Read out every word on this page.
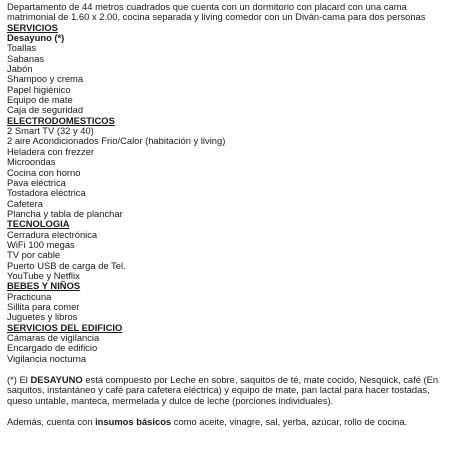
Departamento de 44 metros cuadrados que cuenta con un dormitorio con placard con una cama
matrimonial de 1.60 x 2.00, cocina separada y living comedor con un Diván-cama para dos personas
SERVICIOS
Desayuno (*)
Toallas
Sabanas
Jabón
Shampoo y crema
Papel higiénico
Equipo de mate
Caja de seguridad
ELECTRODOMESTICOS
2 Smart TV (32 y 40)
2 aire Acondicionados Frio/Calor (habitación y living)
Heladera con frezzer
Microondas
Cocina con horno
Pava eléctrica
Tostadora eléctrica
Cafetera
Plancha y tabla de planchar
TECNOLOGIA
Cerradura electrónica
WiFi 100 megas
TV por cable
Puerto USB de carga de Tel.
YouTube y Netflix
BEBES Y NIÑOS
Practicuna
Sillita para comer
Juguetes y libros
SERVICIOS DEL EDIFICIO
Cámaras de vigilancia
Encargado de edificio
Vigilancia nocturna
(*) El DESAYUNO está compuesto por Leche en sobre, saquitos de té, mate cocido, Nesquick, café (En saquitos, instantáneo y café para cafetera eléctrica) y equipo de mate, pan lactal para hacer tostadas, queso untable, manteca, mermelada y dulce de leche (porciones individuales).
Además, cuenta con insumos básicos como aceite, vinagre, sal, yerba, azúcar, rollo de cocina.
